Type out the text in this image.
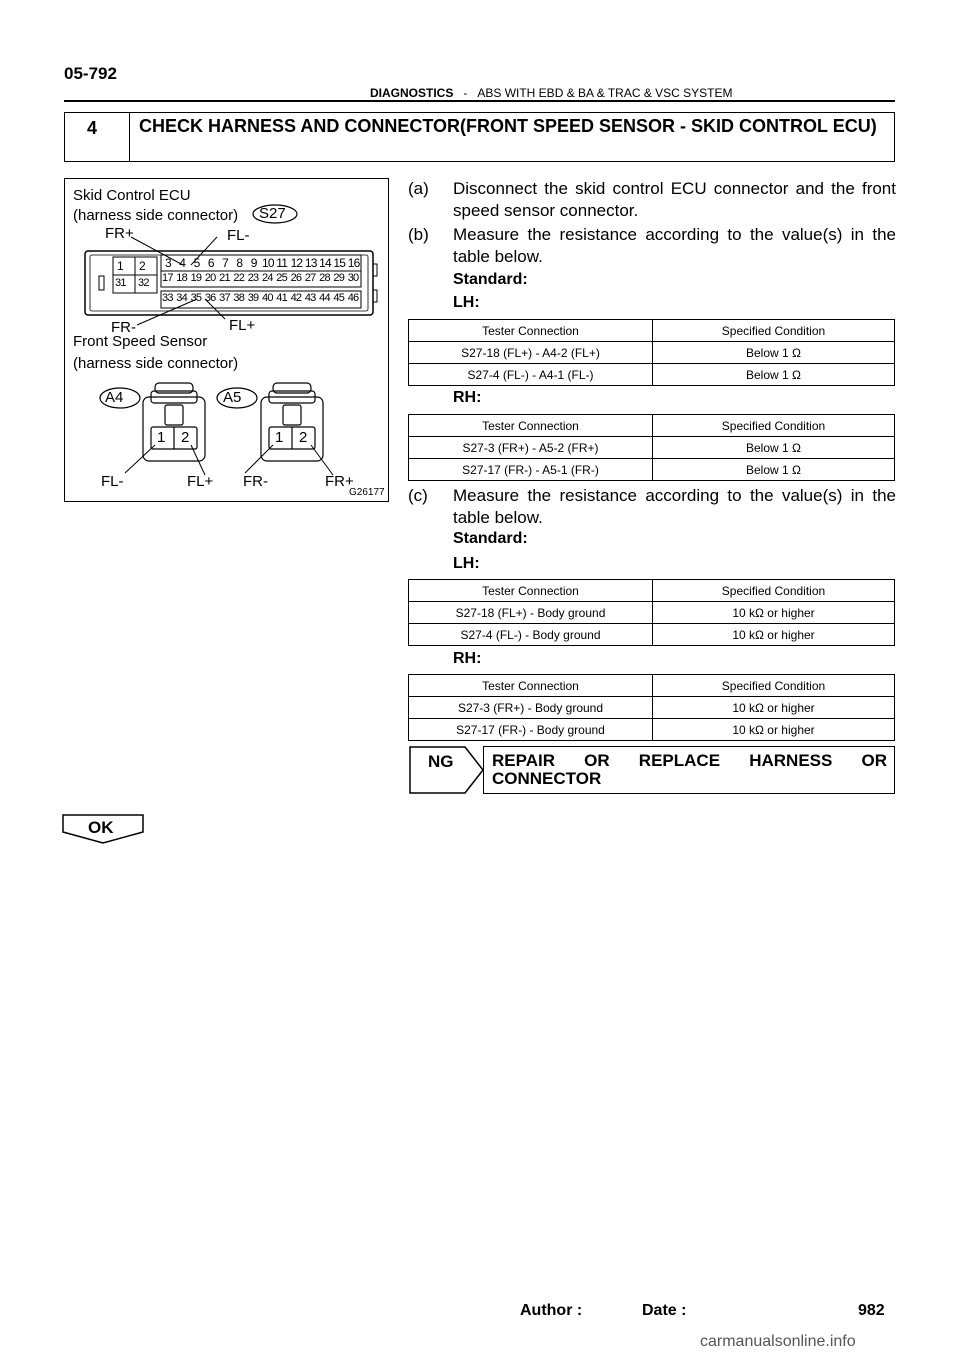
05-792
DIAGNOSTICS - ABS WITH EBD & BA & TRAC & VSC SYSTEM
4	CHECK HARNESS AND CONNECTOR(FRONT SPEED SENSOR - SKID CONTROL ECU)
Skid Control ECU
(harness side connector) S27
FR+	FL-
FR-	FL+
1 2
31 32
3 4 5 6 7 8 9 10 11 12 13 14 15 16
17 18 19 20 21 22 23 24 25 26 27 28 29 30
33 34 35 36 37 38 39 40 41 42 43 44 45 46
Front Speed Sensor
(harness side connector)
A4	A5
1 2	1 2
FL-	FL+ FR-	FR+
G26177
(a) Disconnect the skid control ECU connector and the front speed sensor connector.
(b) Measure the resistance according to the value(s) in the table below.
Standard:
LH:
Tester Connection	Specified Condition
S27-18 (FL+) - A4-2 (FL+)	Below 1 Ω
S27-4 (FL-) - A4-1 (FL-)	Below 1 Ω
RH:
Tester Connection	Specified Condition
S27-3 (FR+) - A5-2 (FR+)	Below 1 Ω
S27-17 (FR-) - A5-1 (FR-)	Below 1 Ω
(c) Measure the resistance according to the value(s) in the table below.
Standard:
LH:
Tester Connection	Specified Condition
S27-18 (FL+) - Body ground	10 kΩ or higher
S27-4 (FL-) - Body ground	10 kΩ or higher
RH:
Tester Connection	Specified Condition
S27-3 (FR+) - Body ground	10 kΩ or higher
S27-17 (FR-) - Body ground	10 kΩ or higher
NG REPAIR OR REPLACE HARNESS OR
CONNECTOR
OK
Author :	Date :	982
carmanualsonline.info
